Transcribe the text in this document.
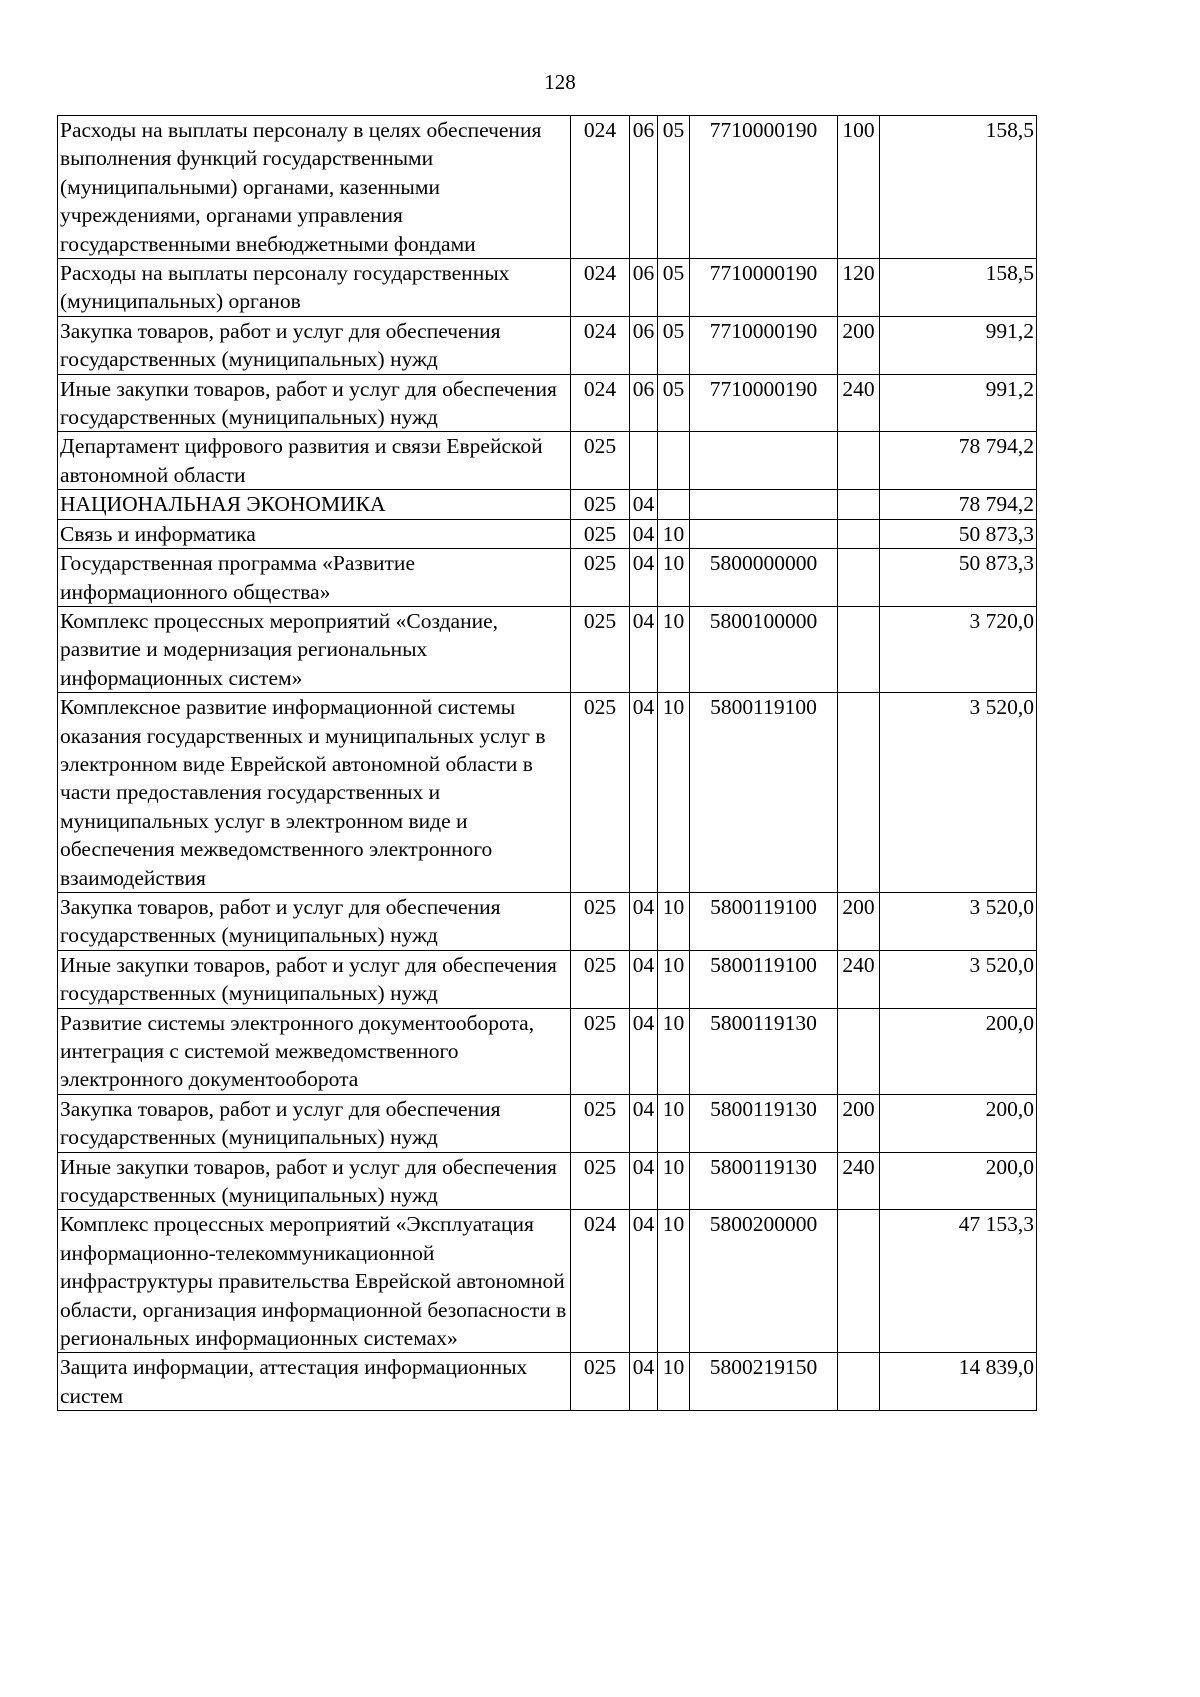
128
Расходы на выплаты персоналу в целях обеспечения выполнения функций государственными (муниципальными) органами, казенными учреждениями, органами управления государственными внебюджетными фондами	024	06	05	7710000190	100	158,5
Расходы на выплаты персоналу государственных (муниципальных) органов	024	06	05	7710000190	120	158,5
Закупка товаров, работ и услуг для обеспечения государственных (муниципальных) нужд	024	06	05	7710000190	200	991,2
Иные закупки товаров, работ и услуг для обеспечения государственных (муниципальных) нужд	024	06	05	7710000190	240	991,2
Департамент цифрового развития и связи Еврейской автономной области	025					78 794,2
НАЦИОНАЛЬНАЯ ЭКОНОМИКА	025	04				78 794,2
Связь и информатика	025	04	10			50 873,3
Государственная программа «Развитие информационного общества»	025	04	10	5800000000		50 873,3
Комплекс процессных мероприятий «Создание, развитие и модернизация региональных информационных систем»	025	04	10	5800100000		3 720,0
Комплексное развитие информационной системы оказания государственных и муниципальных услуг в электронном виде Еврейской автономной области в части предоставления государственных и муниципальных услуг в электронном виде и обеспечения межведомственного электронного взаимодействия	025	04	10	5800119100		3 520,0
Закупка товаров, работ и услуг для обеспечения государственных (муниципальных) нужд	025	04	10	5800119100	200	3 520,0
Иные закупки товаров, работ и услуг для обеспечения государственных (муниципальных) нужд	025	04	10	5800119100	240	3 520,0
Развитие системы электронного документооборота, интеграция с системой межведомственного электронного документооборота	025	04	10	5800119130		200,0
Закупка товаров, работ и услуг для обеспечения государственных (муниципальных) нужд	025	04	10	5800119130	200	200,0
Иные закупки товаров, работ и услуг для обеспечения государственных (муниципальных) нужд	025	04	10	5800119130	240	200,0
Комплекс процессных мероприятий «Эксплуатация информационно-телекоммуникационной инфраструктуры правительства Еврейской автономной области, организация информационной безопасности в региональных информационных системах»	024	04	10	5800200000		47 153,3
Защита информации, аттестация информационных систем	025	04	10	5800219150		14 839,0
